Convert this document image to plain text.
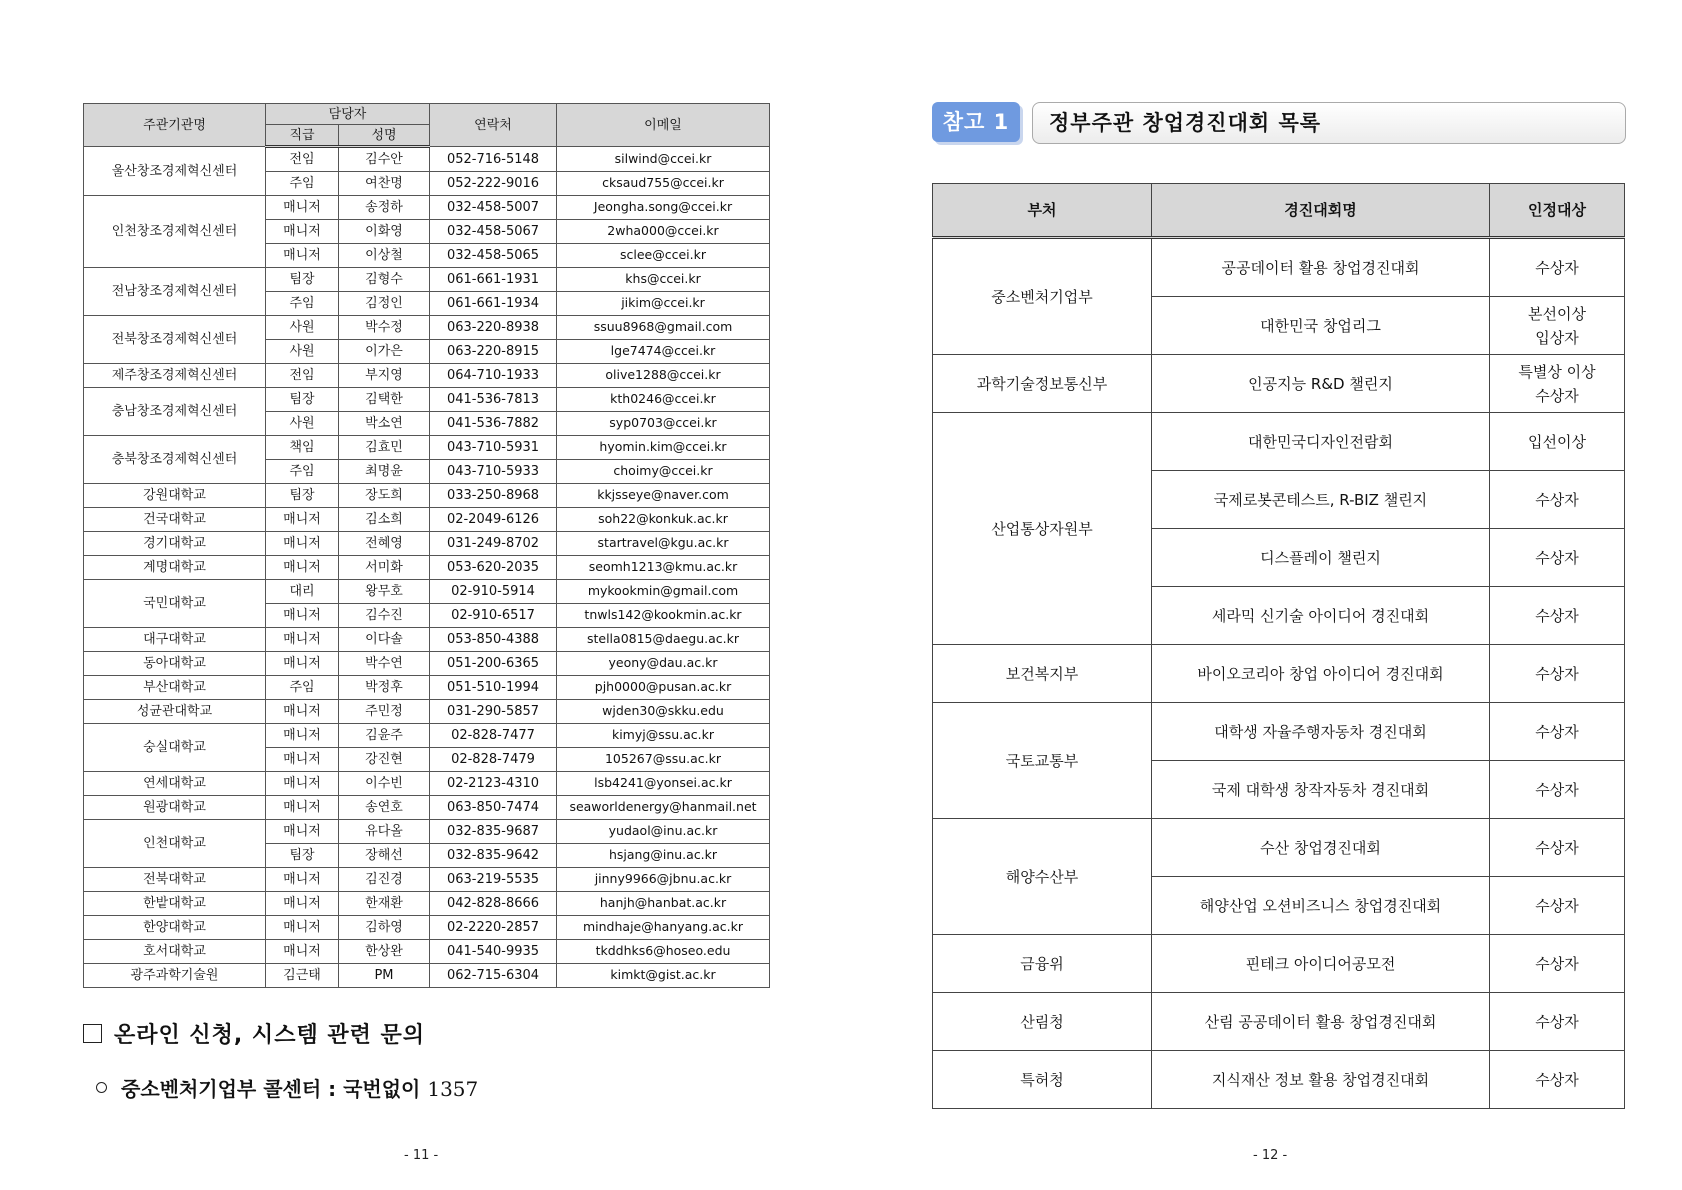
주관기관명	담당자		연락처	이메일
	직급	성명		
울산창조경제혁신센터	전임	김수안	052-716-5148	silwind@ccei.kr
	주임	여찬명	052-222-9016	cksaud755@ccei.kr
인천창조경제혁신센터	매니저	송정하	032-458-5007	Jeongha.song@ccei.kr
	매니저	이화영	032-458-5067	2wha000@ccei.kr
	매니저	이상철	032-458-5065	sclee@ccei.kr
전남창조경제혁신센터	팀장	김형수	061-661-1931	khs@ccei.kr
	주임	김정인	061-661-1934	jikim@ccei.kr
전북창조경제혁신센터	사원	박수정	063-220-8938	ssuu8968@gmail.com
	사원	이가은	063-220-8915	lge7474@ccei.kr
제주창조경제혁신센터	전임	부지영	064-710-1933	olive1288@ccei.kr
충남창조경제혁신센터	팀장	김택한	041-536-7813	kth0246@ccei.kr
	사원	박소연	041-536-7882	syp0703@ccei.kr
충북창조경제혁신센터	책임	김효민	043-710-5931	hyomin.kim@ccei.kr
	주임	최명윤	043-710-5933	choimy@ccei.kr
강원대학교	팀장	장도희	033-250-8968	kkjsseye@naver.com
건국대학교	매니저	김소희	02-2049-6126	soh22@konkuk.ac.kr
경기대학교	매니저	전혜영	031-249-8702	startravel@kgu.ac.kr
계명대학교	매니저	서미화	053-620-2035	seomh1213@kmu.ac.kr
국민대학교	대리	왕무호	02-910-5914	mykookmin@gmail.com
	매니저	김수진	02-910-6517	tnwls142@kookmin.ac.kr
대구대학교	매니저	이다솔	053-850-4388	stella0815@daegu.ac.kr
동아대학교	매니저	박수연	051-200-6365	yeony@dau.ac.kr
부산대학교	주임	박정후	051-510-1994	pjh0000@pusan.ac.kr
성균관대학교	매니저	주민정	031-290-5857	wjden30@skku.edu
숭실대학교	매니저	김윤주	02-828-7477	kimyj@ssu.ac.kr
	매니저	강진현	02-828-7479	105267@ssu.ac.kr
연세대학교	매니저	이수빈	02-2123-4310	lsb4241@yonsei.ac.kr
원광대학교	매니저	송연호	063-850-7474	seaworldenergy@hanmail.net
인천대학교	매니저	유다올	032-835-9687	yudaol@inu.ac.kr
	팀장	장해선	032-835-9642	hsjang@inu.ac.kr
전북대학교	매니저	김진경	063-219-5535	jinny9966@jbnu.ac.kr
한밭대학교	매니저	한재환	042-828-8666	hanjh@hanbat.ac.kr
한양대학교	매니저	김하영	02-2220-2857	mindhaje@hanyang.ac.kr
호서대학교	매니저	한상완	041-540-9935	tkddhks6@hoseo.edu
광주과학기술원	김근태	PM	062-715-6304	kimkt@gist.ac.kr
온라인 신청, 시스템 관련 문의
중소벤처기업부 콜센터 : 국번없이 1357
- 11 -
참고 1	정부주관 창업경진대회 목록
부처	경진대회명	인정대상
중소벤처기업부	공공데이터 활용 창업경진대회	수상자
	대한민국 창업리그	본선이상
입상자
과학기술정보통신부	인공지능 R&D 챌린지	특별상 이상
수상자
산업통상자원부	대한민국디자인전람회	입선이상
	국제로봇콘테스트, R-BIZ 챌린지	수상자
	디스플레이 챌린지	수상자
	세라믹 신기술 아이디어 경진대회	수상자
보건복지부	바이오코리아 창업 아이디어 경진대회	수상자
국토교통부	대학생 자율주행자동차 경진대회	수상자
	국제 대학생 창작자동차 경진대회	수상자
해양수산부	수산 창업경진대회	수상자
	해양산업 오션비즈니스 창업경진대회	수상자
금융위	핀테크 아이디어공모전	수상자
산림청	산림 공공데이터 활용 창업경진대회	수상자
특허청	지식재산 정보 활용 창업경진대회	수상자
- 12 -
